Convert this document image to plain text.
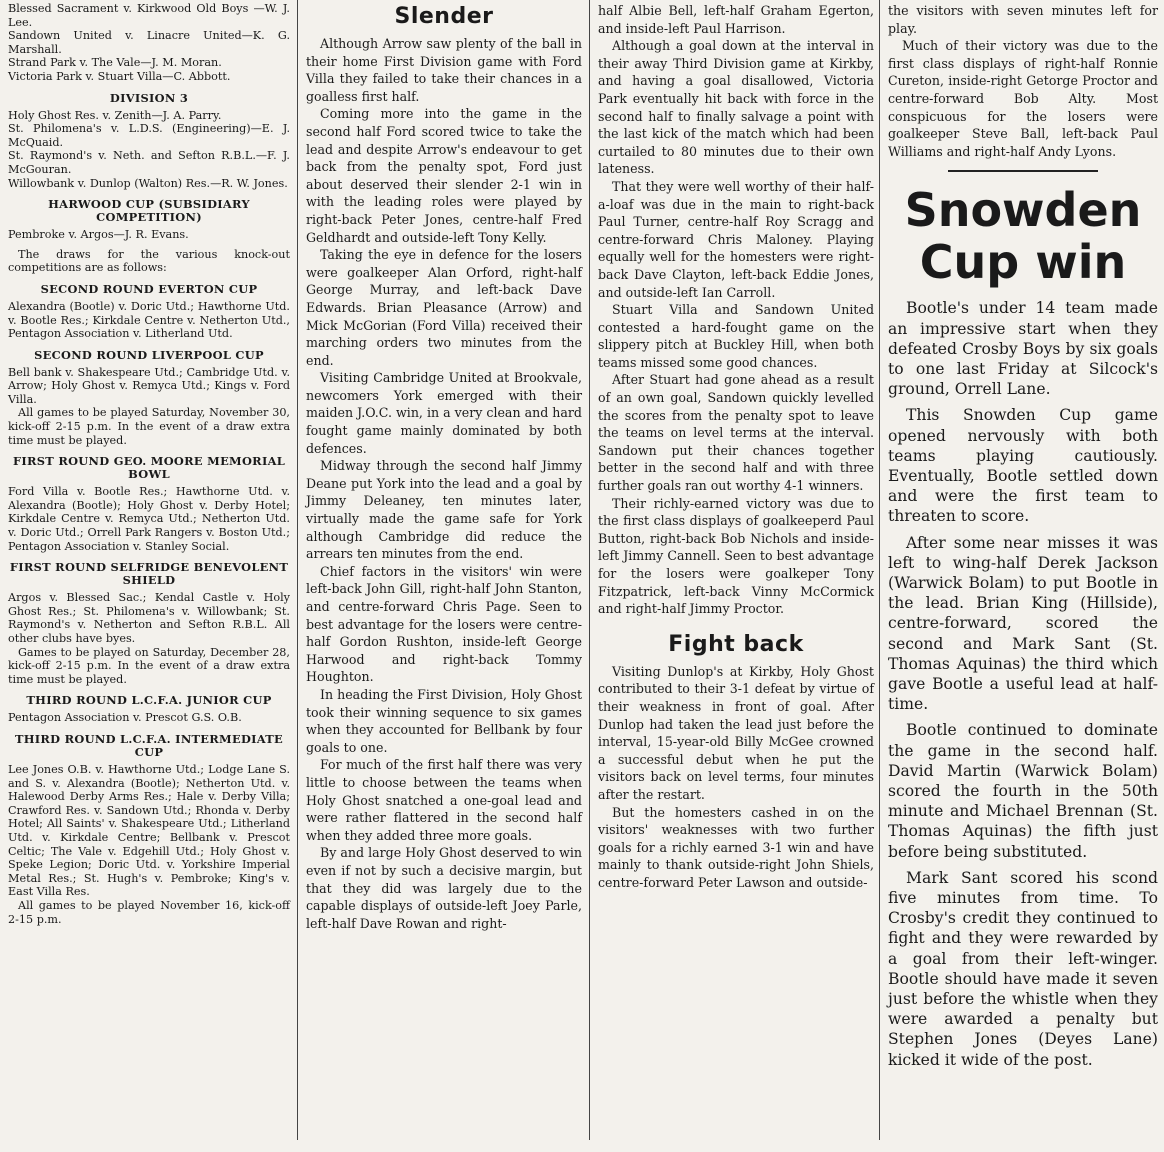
Blessed Sacrament v. Kirkwood Old Boys —W. J. Lee.

Sandown United v. Linacre United—K. G. Marshall.

Strand Park v. The Vale—J. M. Moran.

Victoria Park v. Stuart Villa—C. Abbott.

DIVISION 3

Holy Ghost Res. v. Zenith—J. A. Parry.

St. Philomena's v. L.D.S. (Engineering)—E. J. McQuaid.

St. Raymond's v. Neth. and Sefton R.B.L.—F. J. McGouran.

Willowbank v. Dunlop (Walton) Res.—R. W. Jones.

HARWOOD CUP (SUBSIDIARY COMPETITION)

Pembroke v. Argos—J. R. Evans.

The draws for the various knock-out competitions are as follows:

SECOND ROUND EVERTON CUP

Alexandra (Bootle) v. Doric Utd.; Hawthorne Utd. v. Bootle Res.; Kirkdale Centre v. Netherton Utd., Pentagon Association v. Litherland Utd.

SECOND ROUND LIVERPOOL CUP

Bell bank v. Shakespeare Utd.; Cambridge Utd. v. Arrow; Holy Ghost v. Remyca Utd.; Kings v. Ford Villa.

All games to be played Saturday, November 30, kick-off 2-15 p.m. In the event of a draw extra time must be played.

FIRST ROUND GEO. MOORE MEMORIAL BOWL

Ford Villa v. Bootle Res.; Hawthorne Utd. v. Alexandra (Bootle); Holy Ghost v. Derby Hotel; Kirkdale Centre v. Remyca Utd.; Netherton Utd. v. Doric Utd.; Orrell Park Rangers v. Boston Utd.; Pentagon Association v. Stanley Social.

FIRST ROUND SELFRIDGE BENEVOLENT SHIELD

Argos v. Blessed Sac.; Kendal Castle v. Holy Ghost Res.; St. Philomena's v. Willowbank; St. Raymond's v. Netherton and Sefton R.B.L. All other clubs have byes.

Games to be played on Saturday, December 28, kick-off 2-15 p.m. In the event of a draw extra time must be played.

THIRD ROUND L.C.F.A. JUNIOR CUP

Pentagon Association v. Prescot G.S. O.B.

THIRD ROUND L.C.F.A. INTERMEDIATE CUP

Lee Jones O.B. v. Hawthorne Utd.; Lodge Lane S. and S. v. Alexandra (Bootle); Netherton Utd. v. Halewood Derby Arms Res.; Hale v. Derby Villa; Crawford Res. v. Sandown Utd.; Rhonda v. Derby Hotel; All Saints' v. Shakespeare Utd.; Litherland Utd. v. Kirkdale Centre; Bellbank v. Prescot Celtic; The Vale v. Edgehill Utd.; Holy Ghost v. Speke Legion; Doric Utd. v. Yorkshire Imperial Metal Res.; St. Hugh's v. Pembroke; King's v. East Villa Res.

All games to be played November 16, kick-off 2-15 p.m.

Slender

Although Arrow saw plenty of the ball in their home First Division game with Ford Villa they failed to take their chances in a goalless first half.

Coming more into the game in the second half Ford scored twice to take the lead and despite Arrow's endeavour to get back from the penalty spot, Ford just about deserved their slender 2-1 win in with the leading roles were played by right-back Peter Jones, centre-half Fred Geldhardt and outside-left Tony Kelly.

Taking the eye in defence for the losers were goalkeeper Alan Orford, right-half George Murray, and left-back Dave Edwards. Brian Pleasance (Arrow) and Mick McGorian (Ford Villa) received their marching orders two minutes from the end.

Visiting Cambridge United at Brookvale, newcomers York emerged with their maiden J.O.C. win, in a very clean and hard fought game mainly dominated by both defences.

Midway through the second half Jimmy Deane put York into the lead and a goal by Jimmy Deleaney, ten minutes later, virtually made the game safe for York although Cambridge did reduce the arrears ten minutes from the end.

Chief factors in the visitors' win were left-back John Gill, right-half John Stanton, and centre-forward Chris Page. Seen to best advantage for the losers were centre-half Gordon Rushton, inside-left George Harwood and right-back Tommy Houghton.

In heading the First Division, Holy Ghost took their winning sequence to six games when they accounted for Bellbank by four goals to one.

For much of the first half there was very little to choose between the teams when Holy Ghost snatched a one-goal lead and were rather flattered in the second half when they added three more goals.

By and large Holy Ghost deserved to win even if not by such a decisive margin, but that they did was largely due to the capable displays of outside-left Joey Parle, left-half Dave Rowan and right-

half Albie Bell, left-half Graham Egerton, and inside-left Paul Harrison.

Although a goal down at the interval in their away Third Division game at Kirkby, and having a goal disallowed, Victoria Park eventually hit back with force in the second half to finally salvage a point with the last kick of the match which had been curtailed to 80 minutes due to their own lateness.

That they were well worthy of their half-a-loaf was due in the main to right-back Paul Turner, centre-half Roy Scragg and centre-forward Chris Maloney. Playing equally well for the homesters were right-back Dave Clayton, left-back Eddie Jones, and outside-left Ian Carroll.

Stuart Villa and Sandown United contested a hard-fought game on the slippery pitch at Buckley Hill, when both teams missed some good chances.

After Stuart had gone ahead as a result of an own goal, Sandown quickly levelled the scores from the penalty spot to leave the teams on level terms at the interval. Sandown put their chances together better in the second half and with three further goals ran out worthy 4-1 winners.

Their richly-earned victory was due to the first class displays of goalkeeperd Paul Button, right-back Bob Nichols and inside-left Jimmy Cannell. Seen to best advantage for the losers were goalkeper Tony Fitzpatrick, left-back Vinny McCormick and right-half Jimmy Proctor.

Fight back

Visiting Dunlop's at Kirkby, Holy Ghost contributed to their 3-1 defeat by virtue of their weakness in front of goal. After Dunlop had taken the lead just before the interval, 15-year-old Billy McGee crowned a successful debut when he put the visitors back on level terms, four minutes after the restart.

But the homesters cashed in on the visitors' weaknesses with two further goals for a richly earned 3-1 win and have mainly to thank outside-right John Shiels, centre-forward Peter Lawson and outside-

the visitors with seven minutes left for play.

Much of their victory was due to the first class displays of right-half Ronnie Cureton, inside-right Getorge Proctor and centre-forward Bob Alty. Most conspicuous for the losers were goalkeeper Steve Ball, left-back Paul Williams and right-half Andy Lyons.

Snowden
Cup win

Bootle's under 14 team made an impressive start when they defeated Crosby Boys by six goals to one last Friday at Silcock's ground, Orrell Lane.

This Snowden Cup game opened nervously with both teams playing cautiously. Eventually, Bootle settled down and were the first team to threaten to score.

After some near misses it was left to wing-half Derek Jackson (Warwick Bolam) to put Bootle in the lead. Brian King (Hillside), centre-forward, scored the second and Mark Sant (St. Thomas Aquinas) the third which gave Bootle a useful lead at half-time.

Bootle continued to dominate the game in the second half. David Martin (Warwick Bolam) scored the fourth in the 50th minute and Michael Brennan (St. Thomas Aquinas) the fifth just before being substituted.

Mark Sant scored his scond five minutes from time. To Crosby's credit they continued to fight and they were rewarded by a goal from their left-winger. Bootle should have made it seven just before the whistle when they were awarded a penalty but Stephen Jones (Deyes Lane) kicked it wide of the post.
